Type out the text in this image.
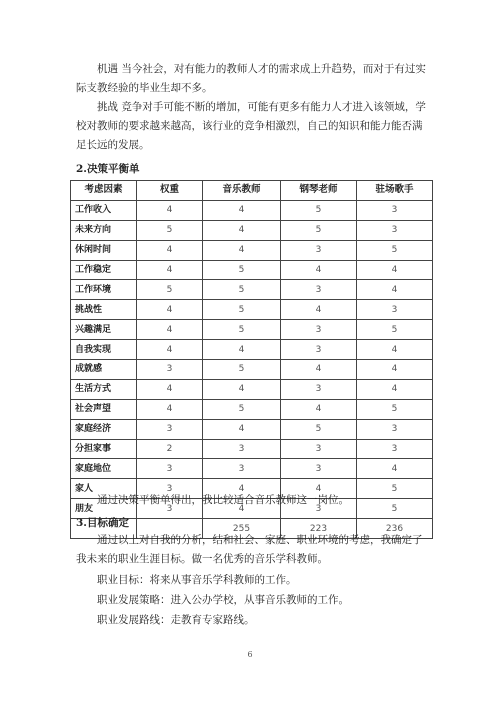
机遇 当今社会，对有能力的教师人才的需求成上升趋势，而对于有过实际支教经验的毕业生却不多。

挑战 竞争对手可能不断的增加，可能有更多有能力人才进入该领域，学校对教师的要求越来越高，该行业的竞争相激烈，自己的知识和能力能否满足长远的发展。

2.决策平衡单

考虑因素	权重	音乐教师	钢琴老师	驻场歌手
工作收入	4	4	5	3
未来方向	5	4	5	3
休闲时间	4	4	3	5
工作稳定	4	5	4	4
工作环境	5	5	3	4
挑战性	4	5	4	3
兴趣满足	4	5	3	5
自我实现	4	4	3	4
成就感	3	5	4	4
生活方式	4	4	3	4
社会声望	4	5	4	5
家庭经济	3	4	5	3
分担家事	2	3	3	3
家庭地位	3	3	3	4
家人	3	4	4	5
朋友	3	4	3	5
		255	223	236

通过决策平衡单得出，我比较适合音乐教师这一岗位。

3.目标确定

通过以上对自我的分析，结和社会、家庭、职业环境的考虑，我确定了我未来的职业生涯目标。做一名优秀的音乐学科教师。

职业目标：将来从事音乐学科教师的工作。

职业发展策略：进入公办学校，从事音乐教师的工作。

职业发展路线：走教育专家路线。

6
